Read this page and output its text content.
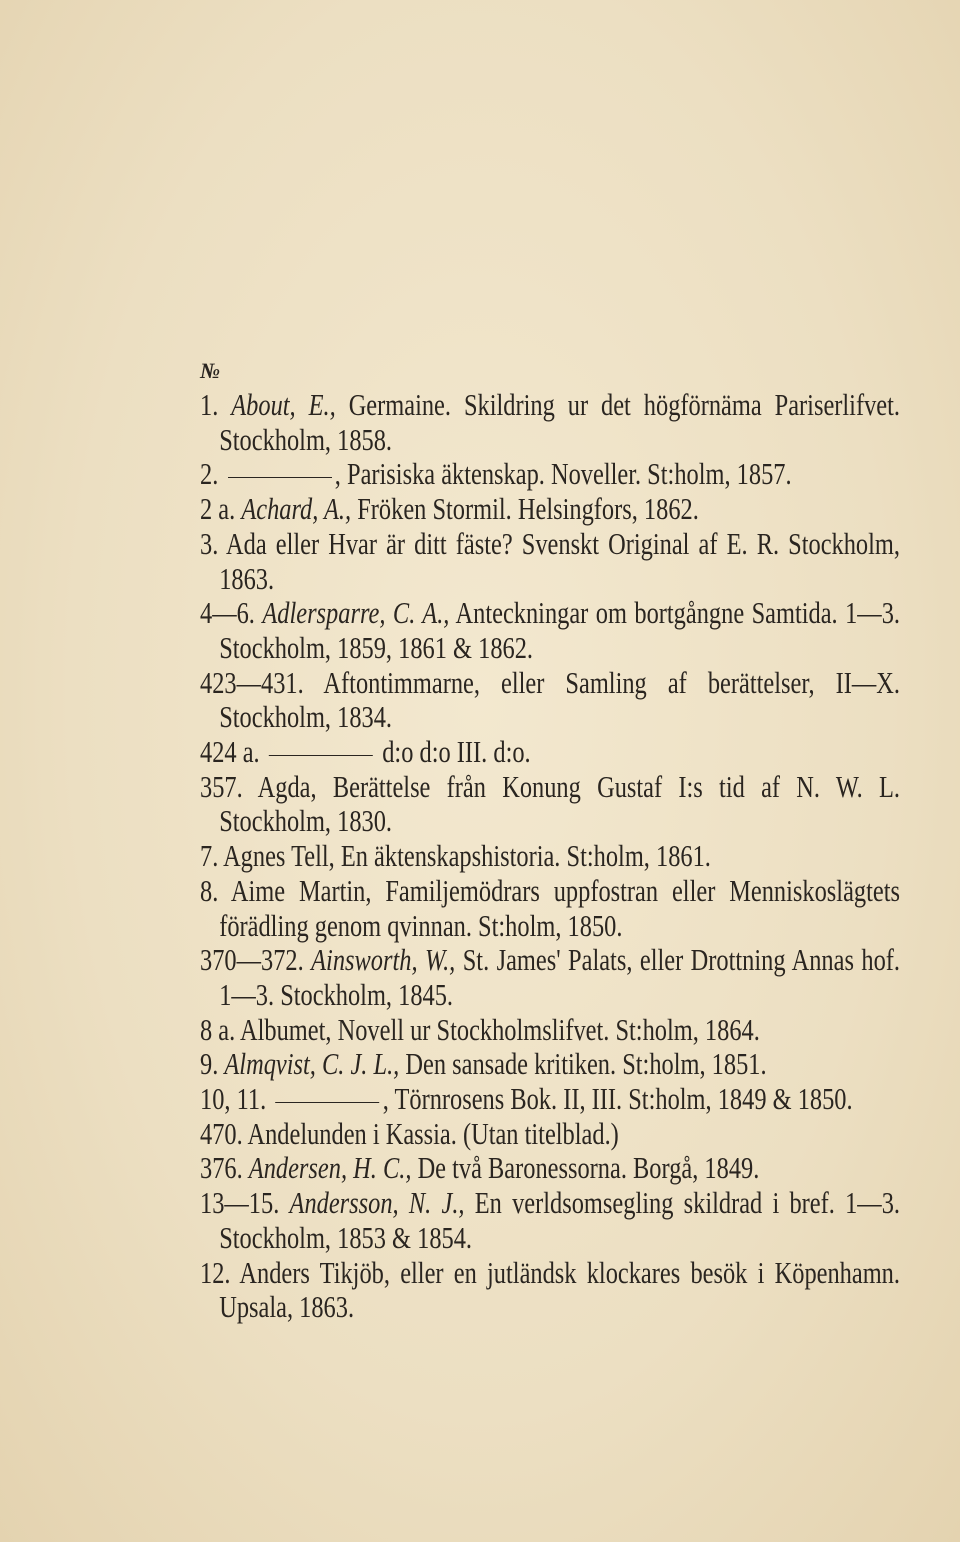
№

1. About, E., Germaine. Skildring ur det högförnäma Pariserlifvet. Stockholm, 1858.

2.	, Parisiska äktenskap. Noveller. St:holm, 1857.

2 a. Achard, A., Fröken Stormil. Helsingfors, 1862.

3. Ada eller Hvar är ditt fäste? Svenskt Original af E. R. Stockholm, 1863.

4—6. Adlersparre, C. A., Anteckningar om bortgångne Samtida. 1—3. Stockholm, 1859, 1861 & 1862.

423—431. Aftontimmarne, eller Samling af berättelser, II—X. Stockholm, 1834.

424 a.	d:o d:o III. d:o.

357. Agda, Berättelse från Konung Gustaf I:s tid af N. W. L. Stockholm, 1830.

7. Agnes Tell, En äktenskapshistoria. St:holm, 1861.

8. Aime Martin, Familjemödrars uppfostran eller Menniskoslägtets förädling genom qvinnan. St:holm, 1850.

370—372. Ainsworth, W., St. James' Palats, eller Drottning Annas hof. 1—3. Stockholm, 1845.

8 a. Albumet, Novell ur Stockholmslifvet. St:holm, 1864.

9. Almqvist, C. J. L., Den sansade kritiken. St:holm, 1851.

10, 11.	, Törnrosens Bok. II, III. St:holm, 1849 & 1850.

470. Andelunden i Kassia. (Utan titelblad.)

376. Andersen, H. C., De två Baronessorna. Borgå, 1849.

13—15. Andersson, N. J., En verldsomsegling skildrad i bref. 1—3. Stockholm, 1853 & 1854.

12. Anders Tikjöb, eller en jutländsk klockares besök i Köpenhamn. Upsala, 1863.
